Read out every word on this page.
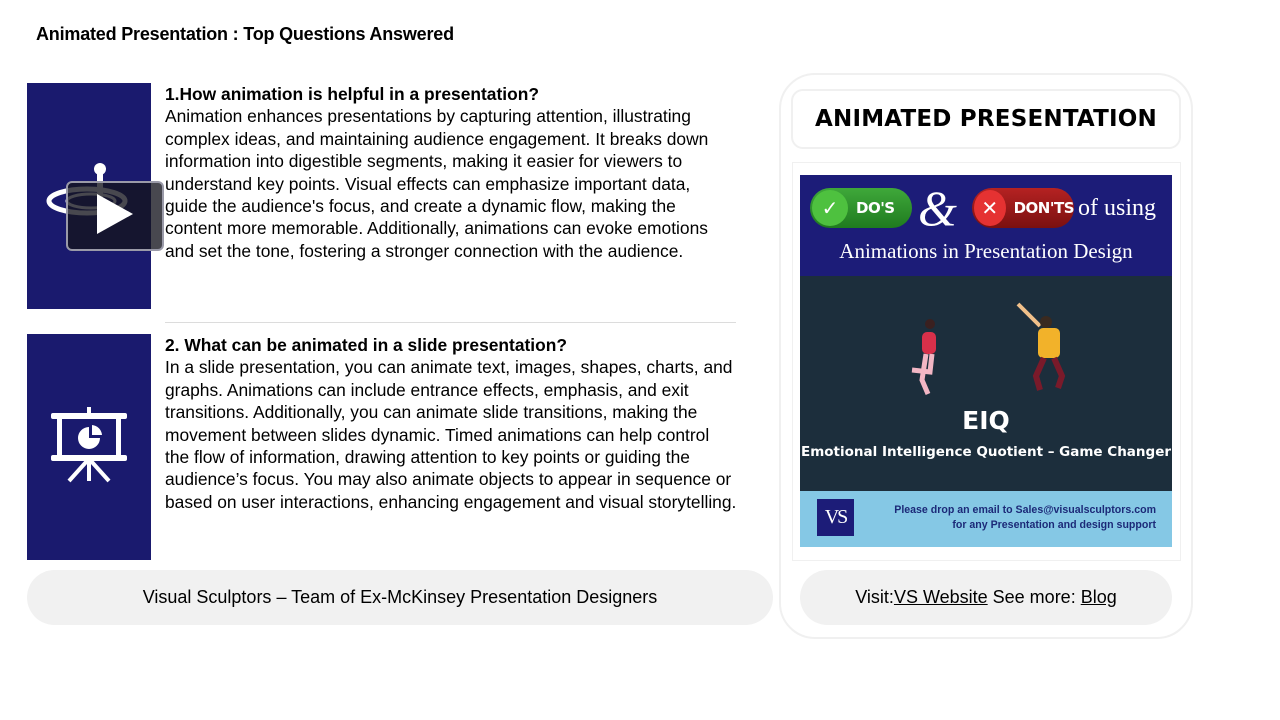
Animated Presentation : Top Questions Answered
1.How animation is helpful in a presentation?
Animation enhances presentations by capturing attention, illustrating complex ideas, and maintaining audience engagement. It breaks down information into digestible segments, making it easier for viewers to understand key points. Visual effects can emphasize important data, guide the audience's focus, and create a dynamic flow, making the content more memorable. Additionally, animations can evoke emotions and set the tone, fostering a stronger connection with the audience.
2. What can be animated in a slide presentation?
In a slide presentation, you can animate text, images, shapes, charts, and graphs. Animations can include entrance effects, emphasis, and exit transitions. Additionally, you can animate slide transitions, making the movement between slides dynamic. Timed animations can help control the flow of information, drawing attention to key points or guiding the audience’s focus. You may also animate objects to appear in sequence or based on user interactions, enhancing engagement and visual storytelling.
Visual Sculptors – Team of Ex-McKinsey Presentation Designers
ANIMATED PRESENTATION
✓	DO'S &	✕	DON'TS of using
Animations in Presentation Design
EIQ
Emotional Intelligence Quotient – Game Changer
VS	Please drop an email to Sales@visualsculptors.com
for any Presentation and design support
Visit: VS Website See more: Blog
